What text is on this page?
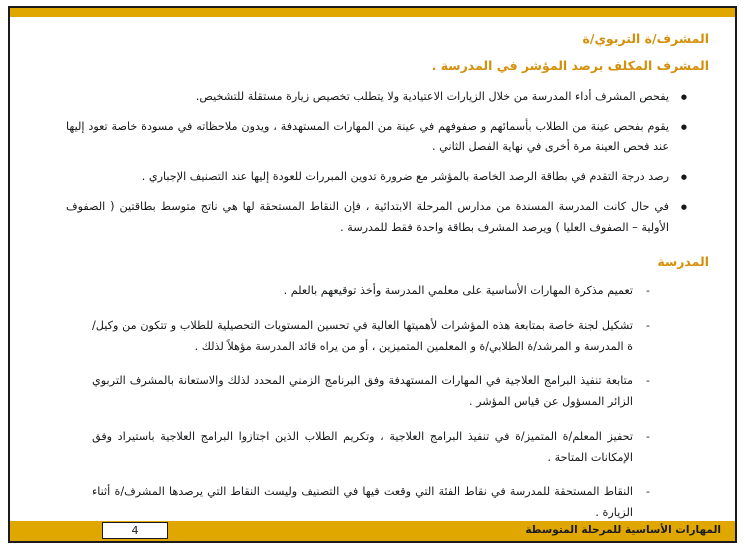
المشرف/ة التربوي/ة
المشرف المكلف برصد المؤشر في المدرسة .
● يفحص المشرف أداء المدرسة من خلال الزيارات الاعتيادية ولا يتطلب تخصيص زيارة مستقلة للتشخيص.
● يقوم بفحص عينة من الطلاب بأسمائهم و صفوفهم في عينة من المهارات المستهدفة ، ويدون ملاحظاته في مسودة خاصة تعود إليها عند فحص العينة مرة أخرى في نهاية الفصل الثاني .
● رصد درجة التقدم في بطاقة الرصد الخاصة بالمؤشر مع ضرورة تدوين المبررات للعودة إليها عند التصنيف الإجباري .
● في حال كانت المدرسة المسندة من مدارس المرحلة الابتدائية ، فإن النقاط المستحقة لها هي ناتج متوسط بطاقتين ( الصفوف الأولية – الصفوف العليا ) ويرصد المشرف بطاقة واحدة فقط للمدرسة .
المدرسة
‐ تعميم مذكرة المهارات الأساسية على معلمي المدرسة وأخذ توقيعهم بالعلم .
‐ تشكيل لجنة خاصة بمتابعة هذه المؤشرات لأهميتها العالية في تحسين المستويات التحصيلية للطلاب و تتكون من وكيل/ة المدرسة و المرشد/ة الطلابي/ة و المعلمين المتميزين ، أو من يراه قائد المدرسة مؤهلاً لذلك .
‐ متابعة تنفيذ البرامج العلاجية في المهارات المستهدفة وفق البرنامج الزمني المحدد لذلك والاستعانة بالمشرف التربوي الزائر المسؤول عن قياس المؤشر .
‐ تحفيز المعلم/ة المتميز/ة في تنفيذ البرامج العلاجية ، وتكريم الطلاب الذين اجتازوا البرامج العلاجية باستيراد وفق الإمكانات المتاحة .
‐ النقاط المستحقة للمدرسة في نقاط الفئة التي وقعت فيها في التصنيف وليست النقاط التي يرصدها المشرف/ة أثناء الزيارة .
المهارات الأساسية للمرحلة المتوسطة
4
